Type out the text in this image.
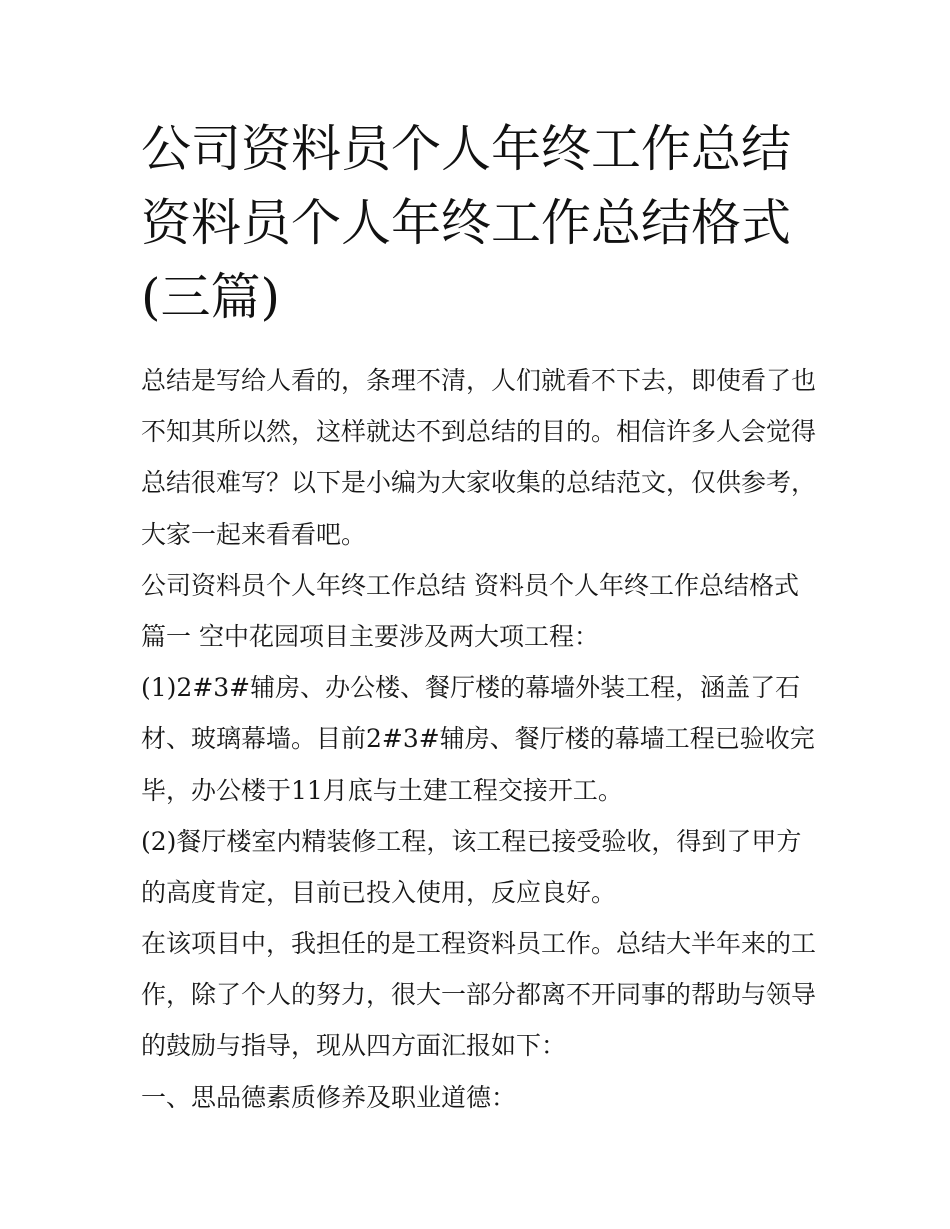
公司资料员个人年终工作总结资料员个人年终工作总结格式(三篇)
总结是写给人看的，条理不清，人们就看不下去，即使看了也
不知其所以然，这样就达不到总结的目的。相信许多人会觉得
总结很难写？以下是小编为大家收集的总结范文，仅供参考，
大家一起来看看吧。
公司资料员个人年终工作总结 资料员个人年终工作总结格式
篇一 空中花园项目主要涉及两大项工程：
(1)2#3#辅房、办公楼、餐厅楼的幕墙外装工程，涵盖了石
材、玻璃幕墙。目前2#3#辅房、餐厅楼的幕墙工程已验收完
毕，办公楼于11月底与土建工程交接开工。
(2)餐厅楼室内精装修工程，该工程已接受验收，得到了甲方
的高度肯定，目前已投入使用，反应良好。
在该项目中，我担任的是工程资料员工作。总结大半年来的工
作，除了个人的努力，很大一部分都离不开同事的帮助与领导
的鼓励与指导，现从四方面汇报如下：
一、思品德素质修养及职业道德：
